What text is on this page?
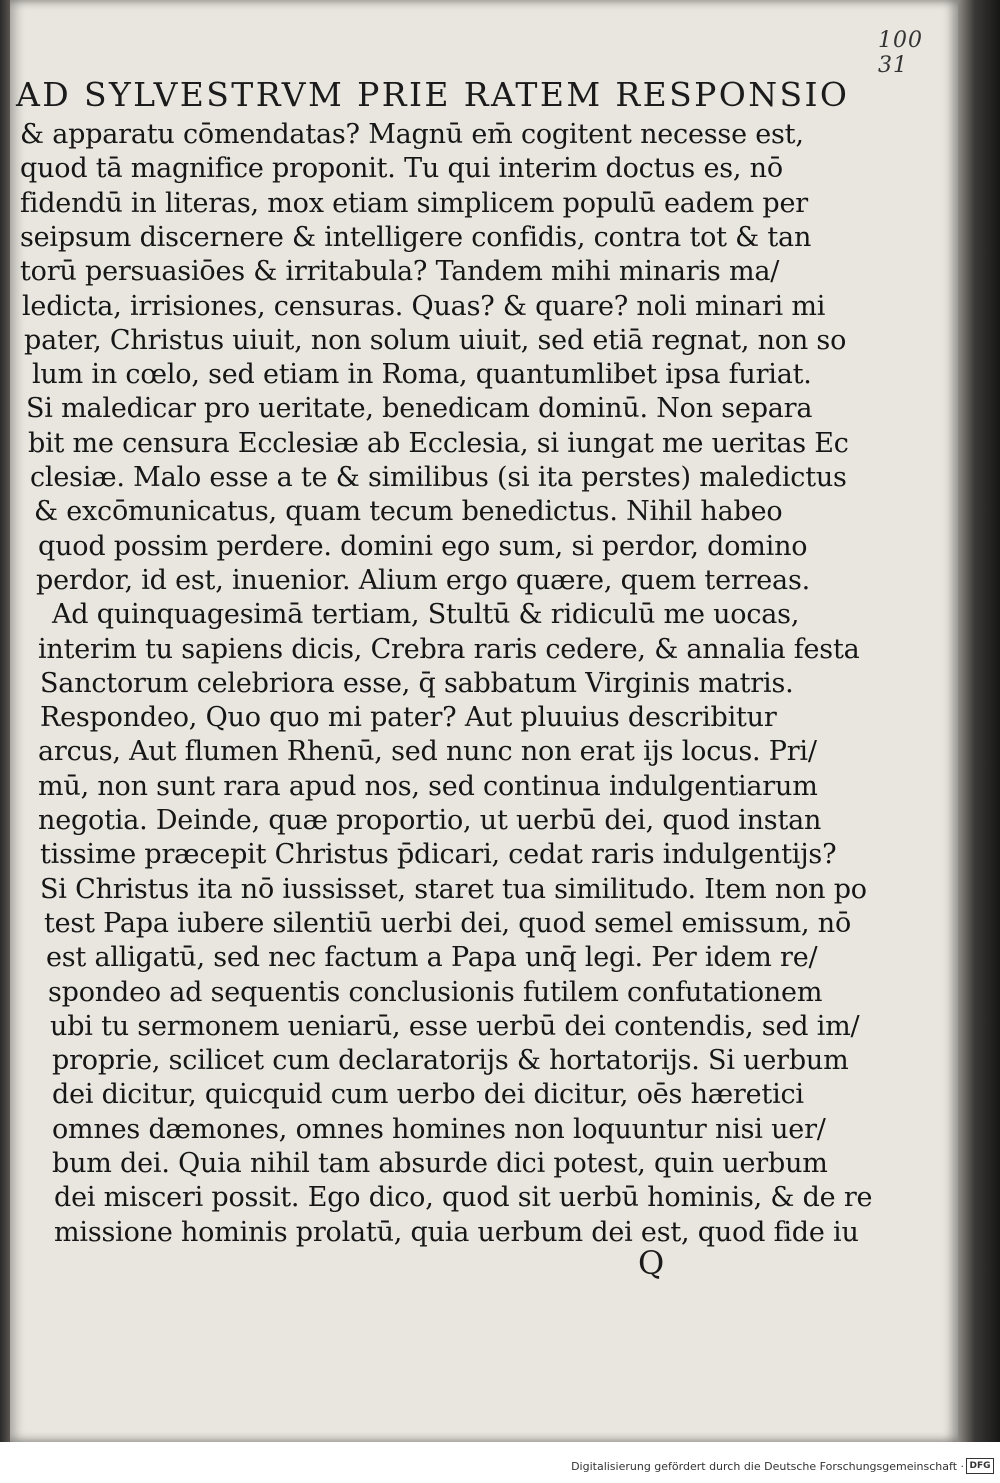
100 31
AD SYLVESTRVM PRIE RATEM RESPONSIO
& apparatu cōmendatas? Magnū em̄ cogitent necesse est,
quod tā magnifice proponit. Tu qui interim doctus es, nō
fidendū in literas, mox etiam simplicem populū eadem per
seipsum discernere & intelligere confidis, contra tot & tan
torū persuasiōes & irritabula? Tandem mihi minaris ma/
ledicta, irrisiones, censuras. Quas? & quare? noli minari mi
pater, Christus uiuit, non solum uiuit, sed etiā regnat, non so
lum in cœlo, sed etiam in Roma, quantumlibet ipsa furiat.
Si maledicar pro ueritate, benedicam dominū. Non separa
bit me censura Ecclesiæ ab Ecclesia, si iungat me ueritas Ec
clesiæ. Malo esse a te & similibus (si ita perstes) maledictus
& excōmunicatus, quam tecum benedictus. Nihil habeo
quod possim perdere. domini ego sum, si perdor, domino
perdor, id est, inuenior. Alium ergo quære, quem terreas.
Ad quinquagesimā tertiam, Stultū & ridiculū me uocas,
interim tu sapiens dicis, Crebra raris cedere, & annalia festa
Sanctorum celebriora esse, q̄ sabbatum Virginis matris.
Respondeo, Quo quo mi pater? Aut pluuius describitur
arcus, Aut flumen Rhenū, sed nunc non erat ijs locus. Pri/
mū, non sunt rara apud nos, sed continua indulgentiarum
negotia. Deinde, quæ proportio, ut uerbū dei, quod instan
tissime præcepit Christus p̄dicari, cedat raris indulgentijs?
Si Christus ita nō iussisset, staret tua similitudo. Item non po
test Papa iubere silentiū uerbi dei, quod semel emissum, nō
est alligatū, sed nec factum a Papa unq̄ legi. Per idem re/
spondeo ad sequentis conclusionis futilem confutationem
ubi tu sermonem ueniarū, esse uerbū dei contendis, sed im/
proprie, scilicet cum declaratorijs & hortatorijs. Si uerbum
dei dicitur, quicquid cum uerbo dei dicitur, oēs hæretici
omnes dæmones, omnes homines non loquuntur nisi uer/
bum dei. Quia nihil tam absurde dici potest, quin uerbum
dei misceri possit. Ego dico, quod sit uerbū hominis, & de re
missione hominis prolatū, quia uerbum dei est, quod fide iu
Q
Digitalisierung gefördert durch die Deutsche Forschungsgemeinschaft · DFG
